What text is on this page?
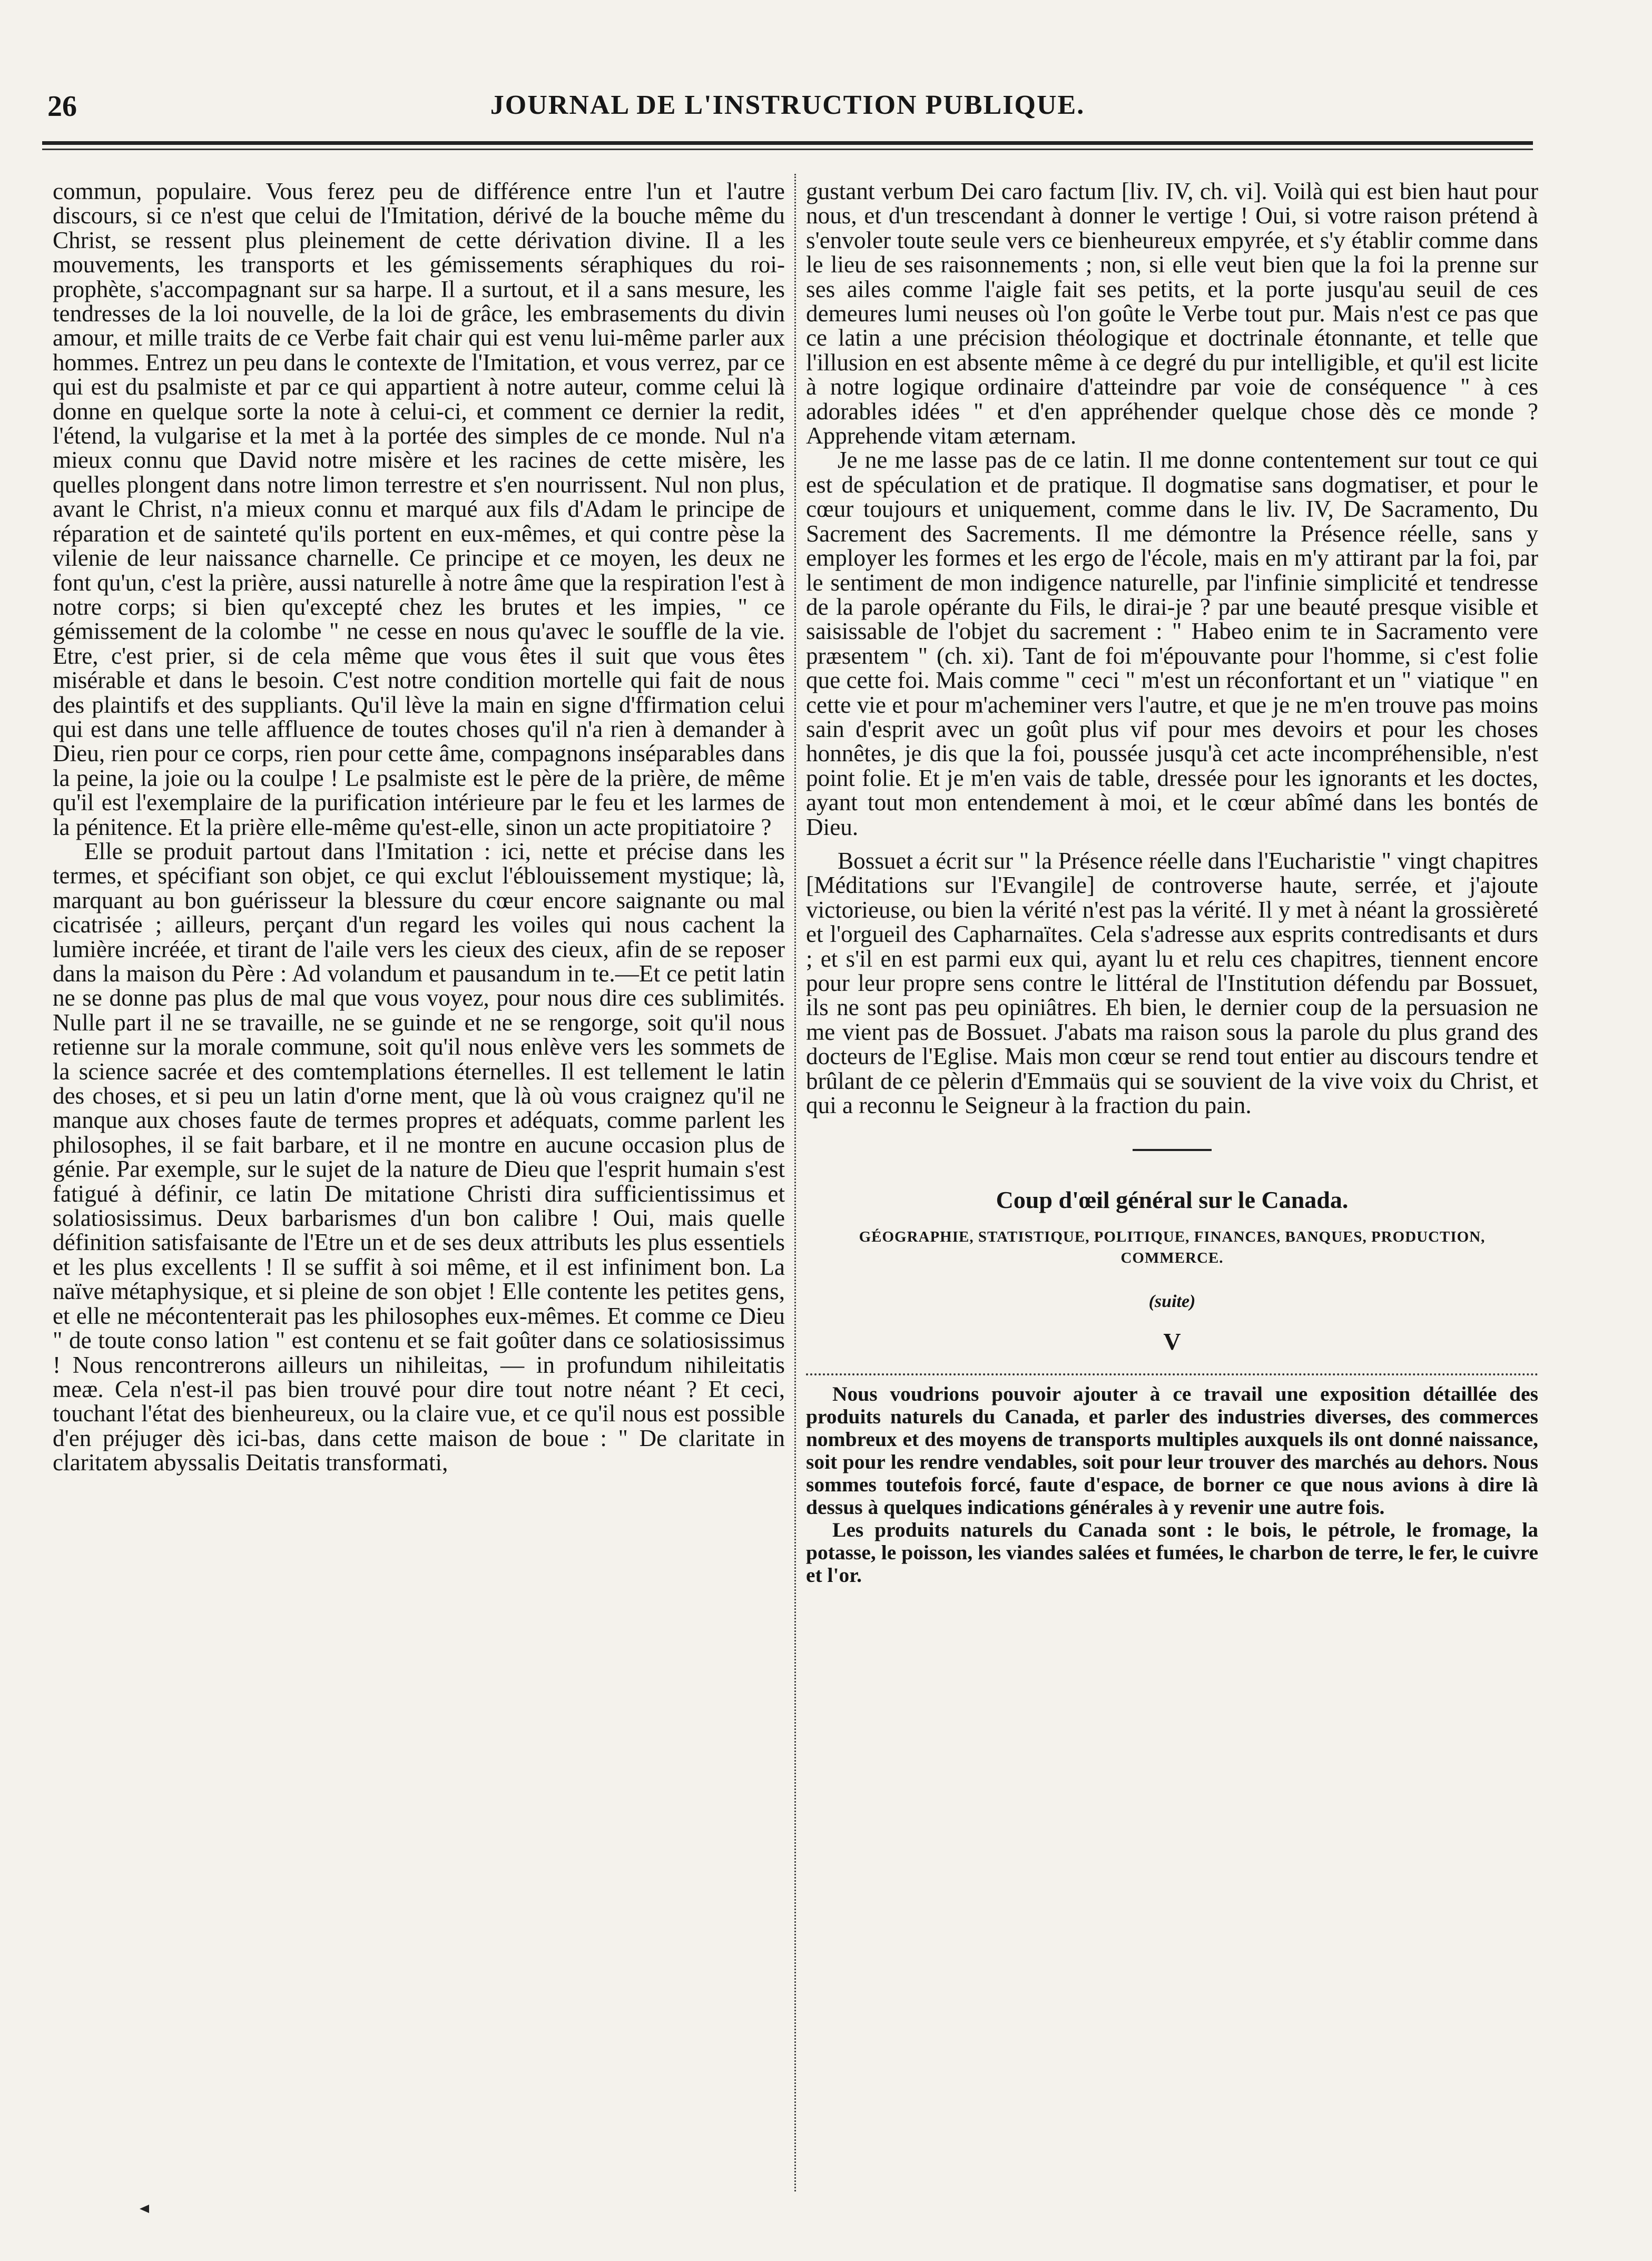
26	JOURNAL DE L'INSTRUCTION PUBLIQUE.

commun, populaire. Vous ferez peu de différence entre l'un et l'autre discours, si ce n'est que celui de l'Imitation, dérivé de la bouche même du Christ, se ressent plus pleinement de cette dérivation divine. Il a les mouvements, les transports et les gémissements séraphiques du roi-prophète, s'accompagnant sur sa harpe. Il a surtout, et il a sans mesure, les tendresses de la loi nouvelle, de la loi de grâce, les embrasements du divin amour, et mille traits de ce Verbe fait chair qui est venu lui-même parler aux hommes. Entrez un peu dans le contexte de l'Imitation, et vous verrez, par ce qui est du psalmiste et par ce qui appartient à notre auteur, comme celui là donne en quelque sorte la note à celui-ci, et comment ce dernier la redit, l'étend, la vulgarise et la met à la portée des simples de ce monde. Nul n'a mieux connu que David notre misère et les racines de cette misère, les quelles plongent dans notre limon terrestre et s'en nourrissent. Nul non plus, avant le Christ, n'a mieux connu et marqué aux fils d'Adam le principe de réparation et de sainteté qu'ils portent en eux-mêmes, et qui contre pèse la vilenie de leur naissance charnelle. Ce principe et ce moyen, les deux ne font qu'un, c'est la prière, aussi naturelle à notre âme que la respiration l'est à notre corps; si bien qu'excepté chez les brutes et les impies, " ce gémissement de la colombe " ne cesse en nous qu'avec le souffle de la vie. Etre, c'est prier, si de cela même que vous êtes il suit que vous êtes misérable et dans le besoin. C'est notre condition mortelle qui fait de nous des plaintifs et des suppliants. Qu'il lève la main en signe d'ffirmation celui qui est dans une telle affluence de toutes choses qu'il n'a rien à demander à Dieu, rien pour ce corps, rien pour cette âme, compagnons inséparables dans la peine, la joie ou la coulpe ! Le psalmiste est le père de la prière, de même qu'il est l'exemplaire de la purification intérieure par le feu et les larmes de la pénitence. Et la prière elle-même qu'est-elle, sinon un acte propitiatoire ?

Elle se produit partout dans l'Imitation : ici, nette et précise dans les termes, et spécifiant son objet, ce qui exclut l'éblouissement mystique; là, marquant au bon guérisseur la blessure du cœur encore saignante ou mal cicatrisée ; ailleurs, perçant d'un regard les voiles qui nous cachent la lumière incréée, et tirant de l'aile vers les cieux des cieux, afin de se reposer dans la maison du Père : Ad volandum et pausandum in te.—Et ce petit latin ne se donne pas plus de mal que vous voyez, pour nous dire ces sublimités. Nulle part il ne se travaille, ne se guinde et ne se rengorge, soit qu'il nous retienne sur la morale commune, soit qu'il nous enlève vers les sommets de la science sacrée et des comtemplations éternelles. Il est tellement le latin des choses, et si peu un latin d'orne ment, que là où vous craignez qu'il ne manque aux choses faute de termes propres et adéquats, comme parlent les philosophes, il se fait barbare, et il ne montre en aucune occasion plus de génie. Par exemple, sur le sujet de la nature de Dieu que l'esprit humain s'est fatigué à définir, ce latin De mitatione Christi dira sufficientissimus et solatiosissimus. Deux barbarismes d'un bon calibre ! Oui, mais quelle définition satisfaisante de l'Etre un et de ses deux attributs les plus essentiels et les plus excellents ! Il se suffit à soi même, et il est infiniment bon. La naïve métaphysique, et si pleine de son objet ! Elle contente les petites gens, et elle ne mécontenterait pas les philosophes eux-mêmes. Et comme ce Dieu " de toute conso lation " est contenu et se fait goûter dans ce solatiosissimus ! Nous rencontrerons ailleurs un nihileitas, — in profundum nihileitatis meæ. Cela n'est-il pas bien trouvé pour dire tout notre néant ? Et ceci, touchant l'état des bienheureux, ou la claire vue, et ce qu'il nous est possible d'en préjuger dès ici-bas, dans cette maison de boue : " De claritate in claritatem abyssalis Deitatis transformati,

gustant verbum Dei caro factum [liv. IV, ch. vi]. Voilà qui est bien haut pour nous, et d'un trescendant à donner le vertige ! Oui, si votre raison prétend à s'envoler toute seule vers ce bienheureux empyrée, et s'y établir comme dans le lieu de ses raisonnements ; non, si elle veut bien que la foi la prenne sur ses ailes comme l'aigle fait ses petits, et la porte jusqu'au seuil de ces demeures lumi neuses où l'on goûte le Verbe tout pur. Mais n'est ce pas que ce latin a une précision théologique et doctrinale étonnante, et telle que l'illusion en est absente même à ce degré du pur intelligible, et qu'il est licite à notre logique ordinaire d'atteindre par voie de conséquence " à ces adorables idées " et d'en appréhender quelque chose dès ce monde ? Apprehende vitam æternam.

Je ne me lasse pas de ce latin. Il me donne contentement sur tout ce qui est de spéculation et de pratique. Il dogmatise sans dogmatiser, et pour le cœur toujours et uniquement, comme dans le liv. IV, De Sacramento, Du Sacrement des Sacrements. Il me démontre la Présence réelle, sans y employer les formes et les ergo de l'école, mais en m'y attirant par la foi, par le sentiment de mon indigence naturelle, par l'infinie simplicité et tendresse de la parole opérante du Fils, le dirai-je ? par une beauté presque visible et saisissable de l'objet du sacrement : " Habeo enim te in Sacramento vere præsentem " (ch. xi). Tant de foi m'épouvante pour l'homme, si c'est folie que cette foi. Mais comme " ceci " m'est un réconfortant et un " viatique " en cette vie et pour m'acheminer vers l'autre, et que je ne m'en trouve pas moins sain d'esprit avec un goût plus vif pour mes devoirs et pour les choses honnêtes, je dis que la foi, poussée jusqu'à cet acte incompréhensible, n'est point folie. Et je m'en vais de table, dressée pour les ignorants et les doctes, ayant tout mon entendement à moi, et le cœur abîmé dans les bontés de Dieu.

Bossuet a écrit sur " la Présence réelle dans l'Eucharistie " vingt chapitres [Méditations sur l'Evangile] de controverse haute, serrée, et j'ajoute victorieuse, ou bien la vérité n'est pas la vérité. Il y met à néant la grossièreté et l'orgueil des Capharnaïtes. Cela s'adresse aux esprits contredisants et durs ; et s'il en est parmi eux qui, ayant lu et relu ces chapitres, tiennent encore pour leur propre sens contre le littéral de l'Institution défendu par Bossuet, ils ne sont pas peu opiniâtres. Eh bien, le dernier coup de la persuasion ne me vient pas de Bossuet. J'abats ma raison sous la parole du plus grand des docteurs de l'Eglise. Mais mon cœur se rend tout entier au discours tendre et brûlant de ce pèlerin d'Emmaüs qui se souvient de la vive voix du Christ, et qui a reconnu le Seigneur à la fraction du pain.

Coup d'œil général sur le Canada.
GÉOGRAPHIE, STATISTIQUE, POLITIQUE, FINANCES, BANQUES, PRODUCTION, COMMERCE.
(suite)
V

Nous voudrions pouvoir ajouter à ce travail une exposition détaillée des produits naturels du Canada, et parler des industries diverses, des commerces nombreux et des moyens de transports multiples auxquels ils ont donné naissance, soit pour les rendre vendables, soit pour leur trouver des marchés au dehors. Nous sommes toutefois forcé, faute d'espace, de borner ce que nous avions à dire là dessus à quelques indications générales à y revenir une autre fois.

Les produits naturels du Canada sont : le bois, le pétrole, le fromage, la potasse, le poisson, les viandes salées et fumées, le charbon de terre, le fer, le cuivre et l'or.
